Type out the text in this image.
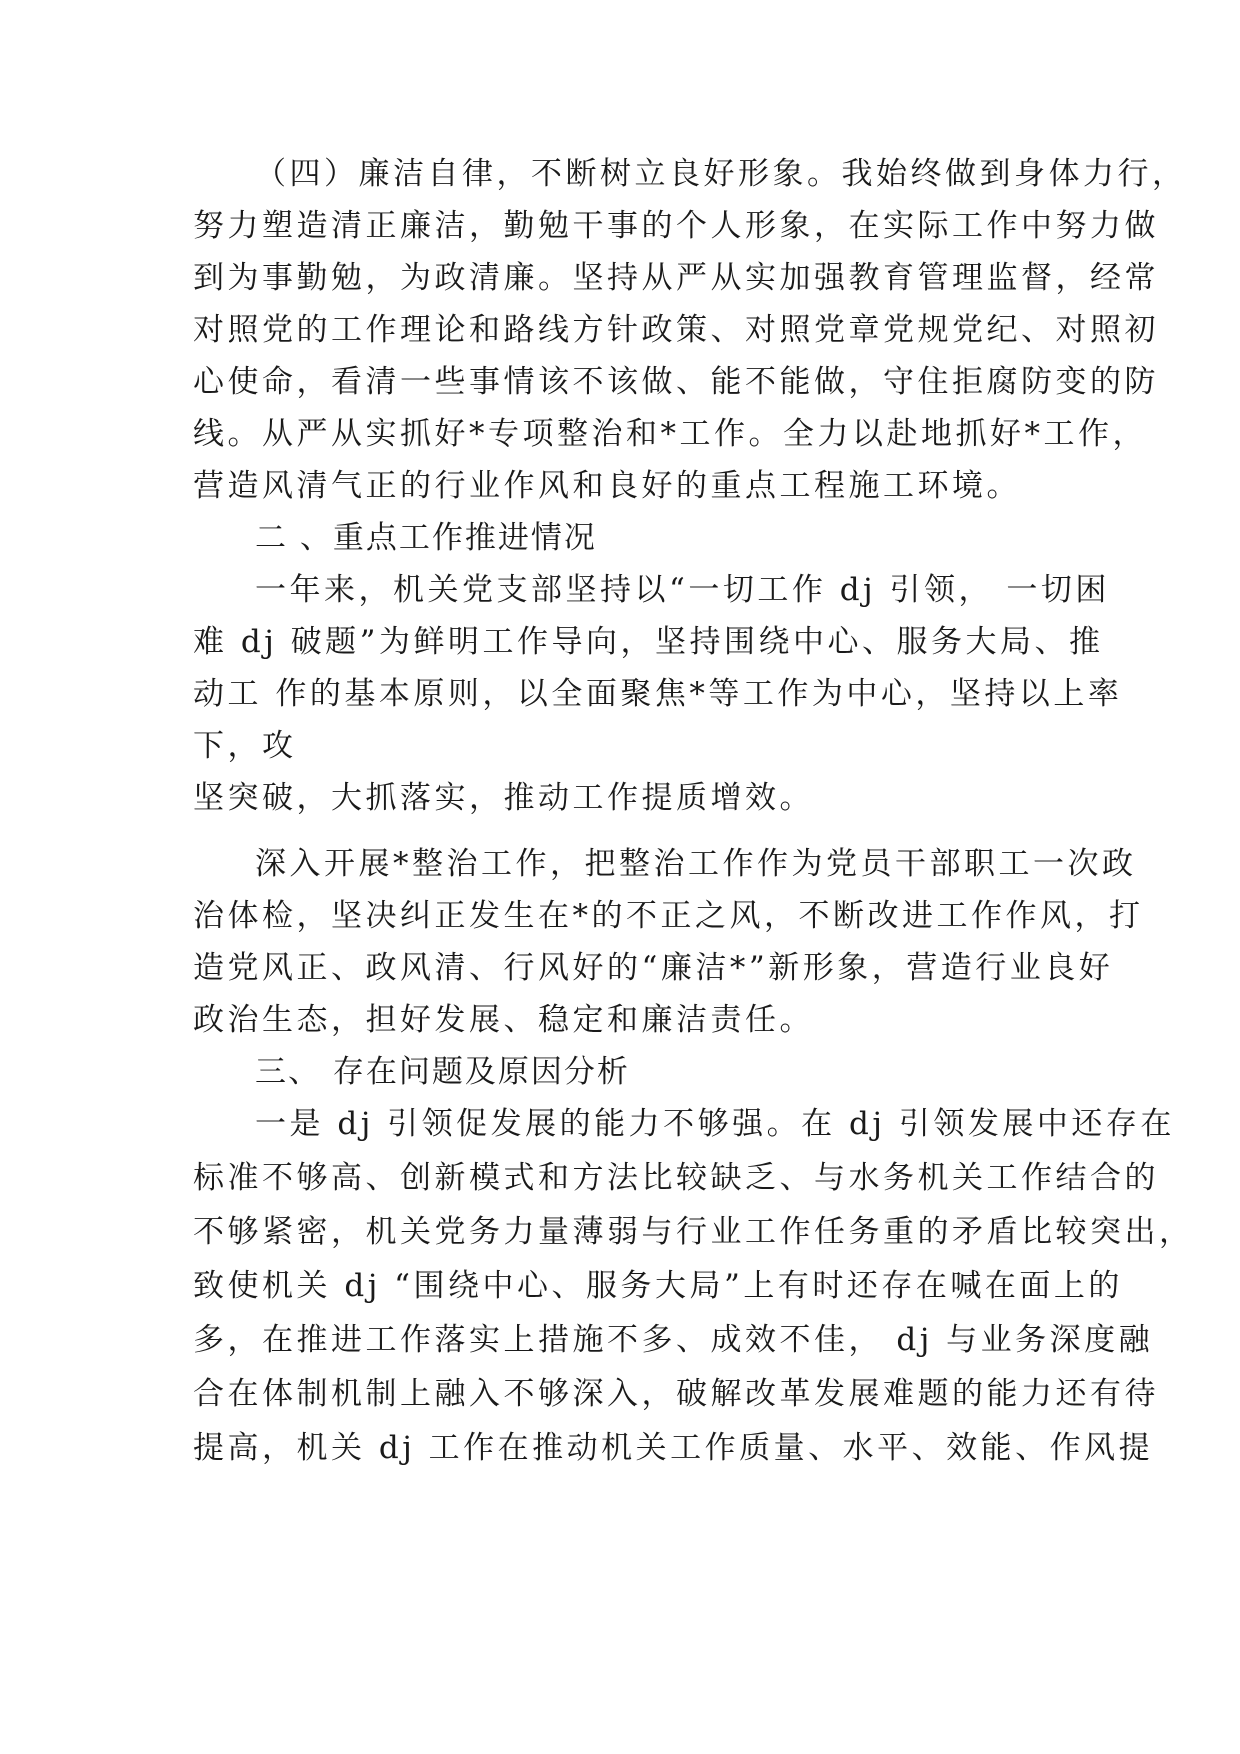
（四）廉洁自律，不断树立良好形象。我始终做到身体力行，
努力塑造清正廉洁，勤勉干事的个人形象，在实际工作中努力做
到为事勤勉，为政清廉。坚持从严从实加强教育管理监督，经常
对照党的工作理论和路线方针政策、对照党章党规党纪、对照初
心使命，看清一些事情该不该做、能不能做，守住拒腐防变的防
线。从严从实抓好*专项整治和*工作。全力以赴地抓好*工作，
营造风清气正的行业作风和良好的重点工程施工环境。
二 、重点工作推进情况
一年来，机关党支部坚持以“一切工作 dj 引领， 一切困
难 dj 破题”为鲜明工作导向，坚持围绕中心、服务大局、推
动工 作的基本原则，以全面聚焦*等工作为中心，坚持以上率
下，攻
坚突破，大抓落实，推动工作提质增效。
深入开展*整治工作，把整治工作作为党员干部职工一次政
治体检，坚决纠正发生在*的不正之风，不断改进工作作风，打
造党风正、政风清、行风好的“廉洁*”新形象，营造行业良好
政治生态，担好发展、稳定和廉洁责任。
三、 存在问题及原因分析
一是 dj 引领促发展的能力不够强。在 dj 引领发展中还存在
标准不够高、创新模式和方法比较缺乏、与水务机关工作结合的
不够紧密，机关党务力量薄弱与行业工作任务重的矛盾比较突出，
致使机关 dj “围绕中心、服务大局”上有时还存在喊在面上的
多，在推进工作落实上措施不多、成效不佳， dj 与业务深度融
合在体制机制上融入不够深入，破解改革发展难题的能力还有待
提高，机关 dj 工作在推动机关工作质量、水平、效能、作风提
